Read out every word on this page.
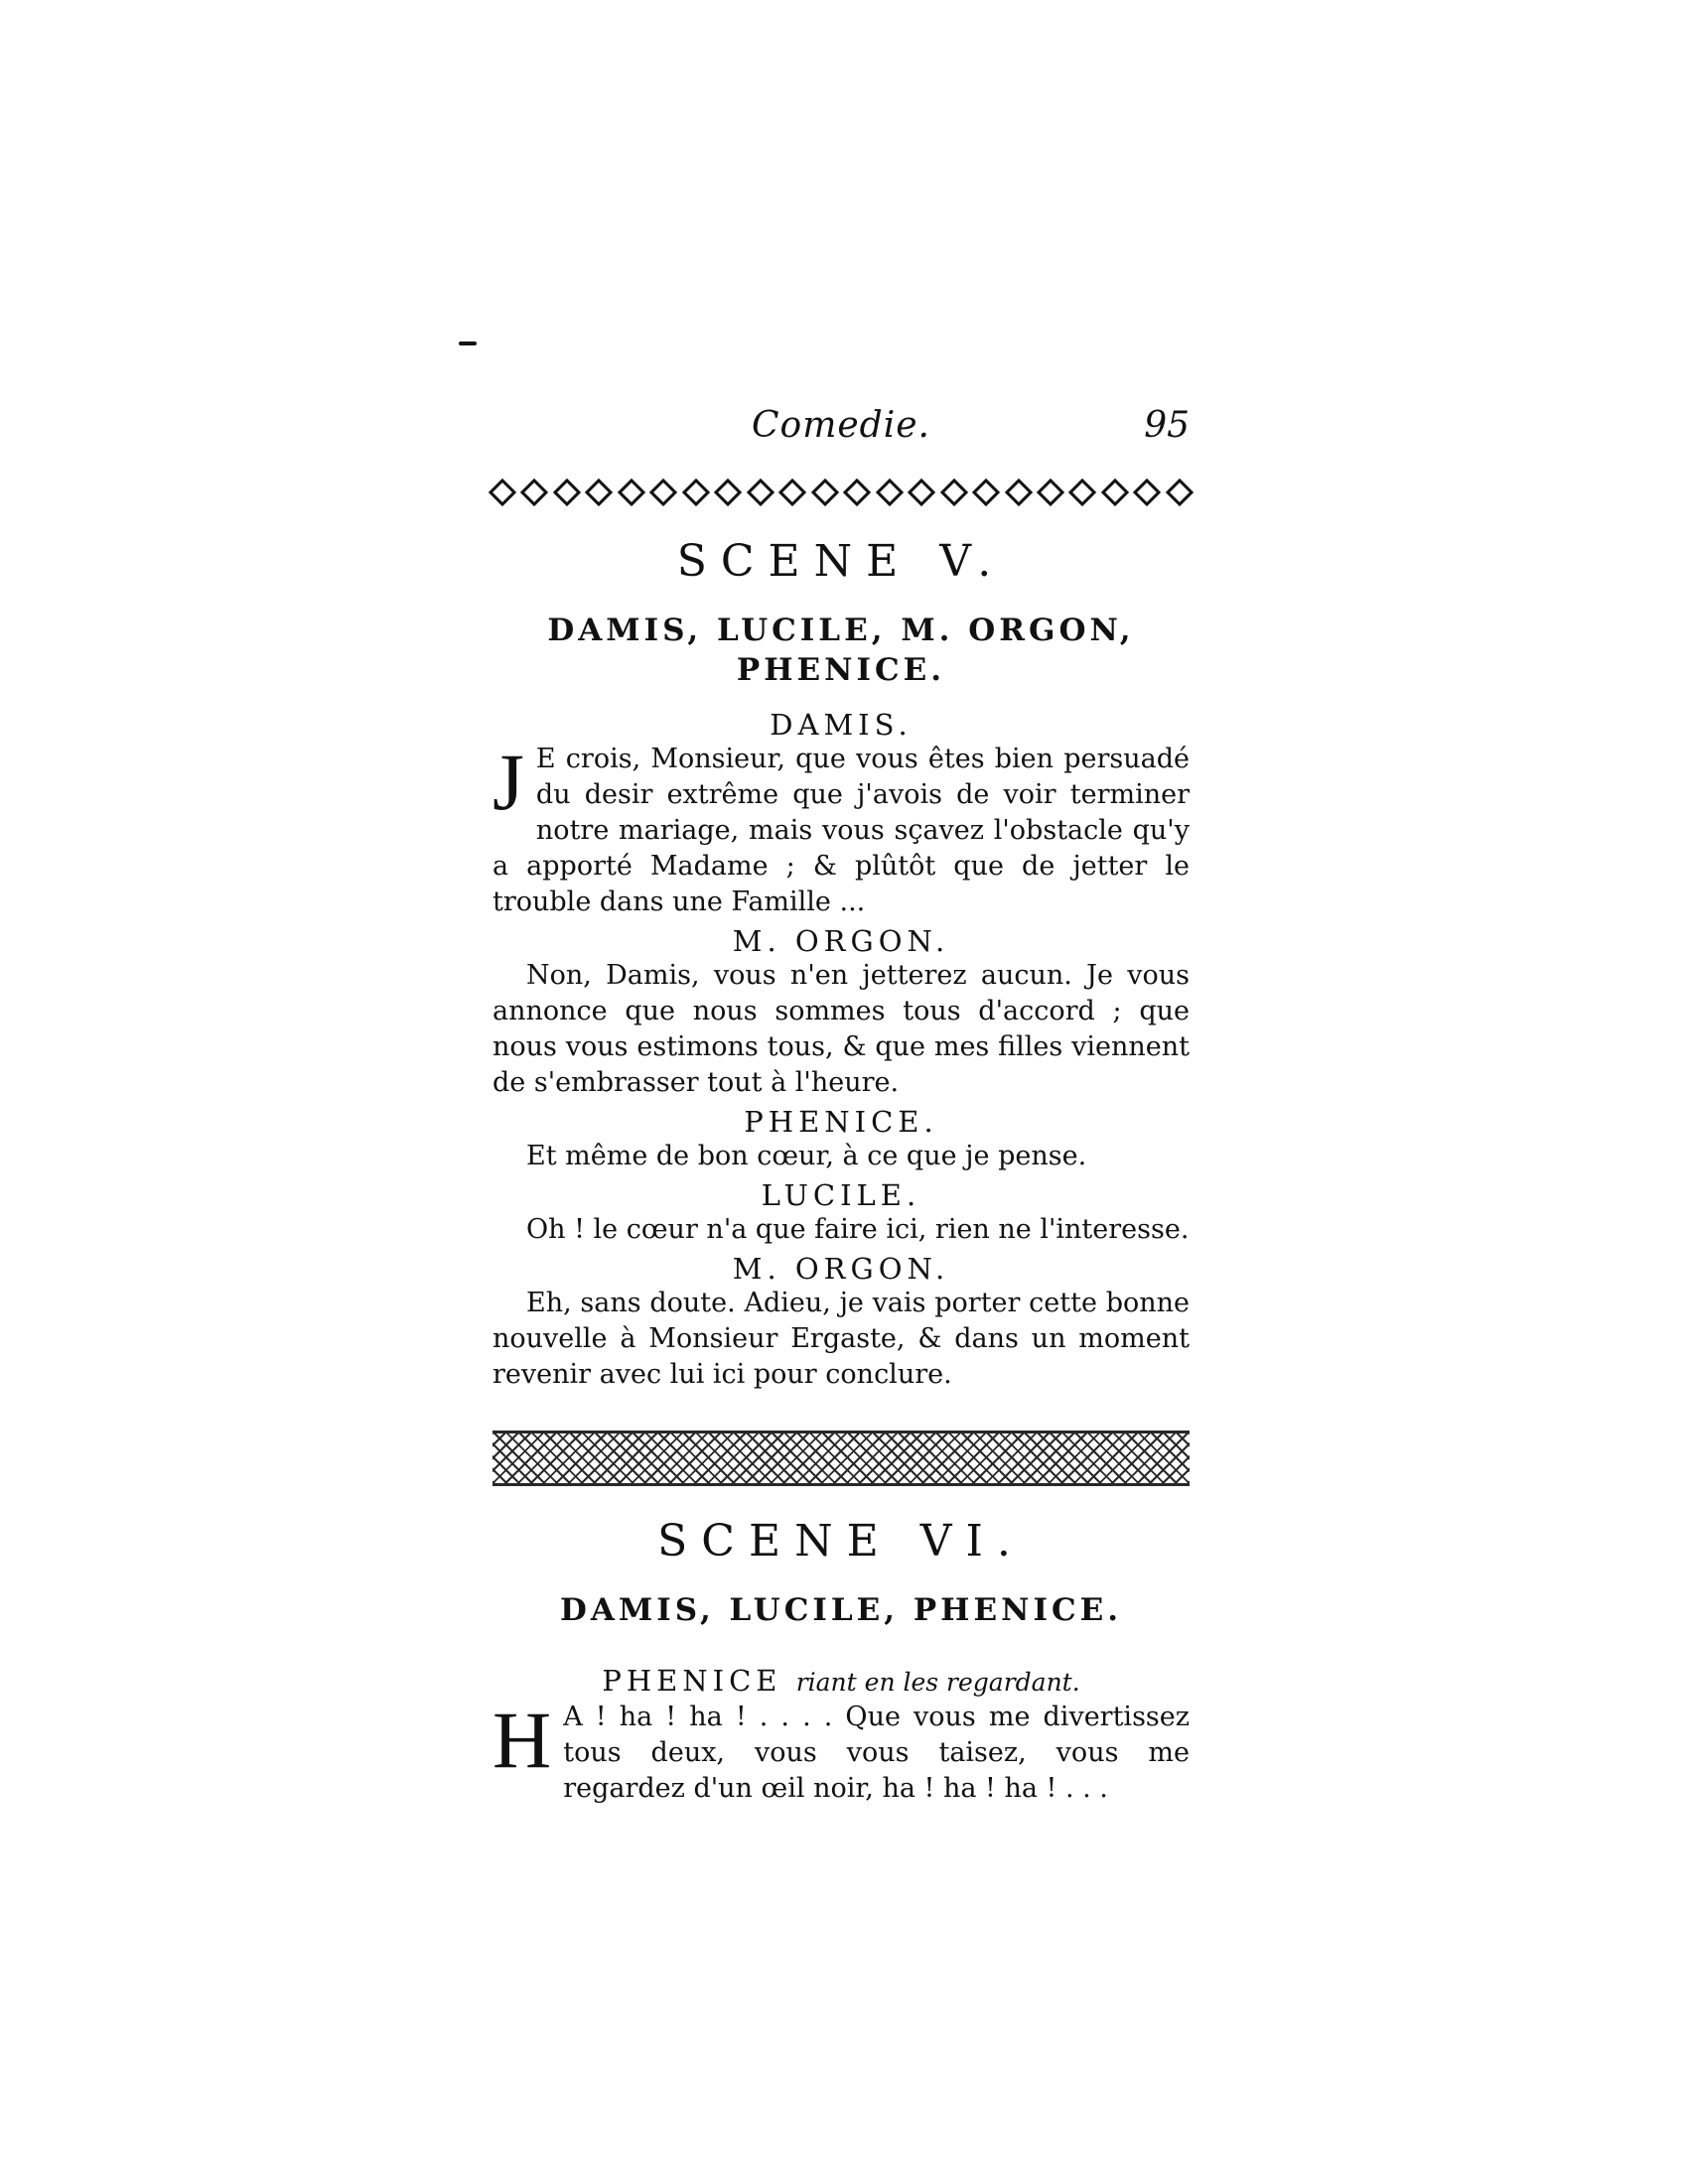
Comedie.	95
SCENE V.
DAMIS, LUCILE, M. ORGON,
PHENICE.
DAMIS.
J E crois, Monsieur, que vous êtes bien persuadé du desir extrême que j'avois de voir terminer notre mariage, mais vous sçavez l'obstacle qu'y a apporté Madame ; & plûtôt que de jetter le trouble dans une Famille ...
M. ORGON.
Non, Damis, vous n'en jetterez aucun. Je vous annonce que nous sommes tous d'accord ; que nous vous estimons tous, & que mes filles viennent de s'embrasser tout à l'heure.
PHENICE.
Et même de bon cœur, à ce que je pense.
LUCILE.
Oh ! le cœur n'a que faire ici, rien ne l'interesse.
M. ORGON.
Eh, sans doute. Adieu, je vais porter cette bonne nouvelle à Monsieur Ergaste, & dans un moment revenir avec lui ici pour conclure.
SCENE VI.
DAMIS, LUCILE, PHENICE.
PHENICE riant en les regardant.
H A ! ha ! ha ! . . . . Que vous me divertissez tous deux, vous vous taisez, vous me regardez d'un œil noir, ha ! ha ! ha ! . . .
